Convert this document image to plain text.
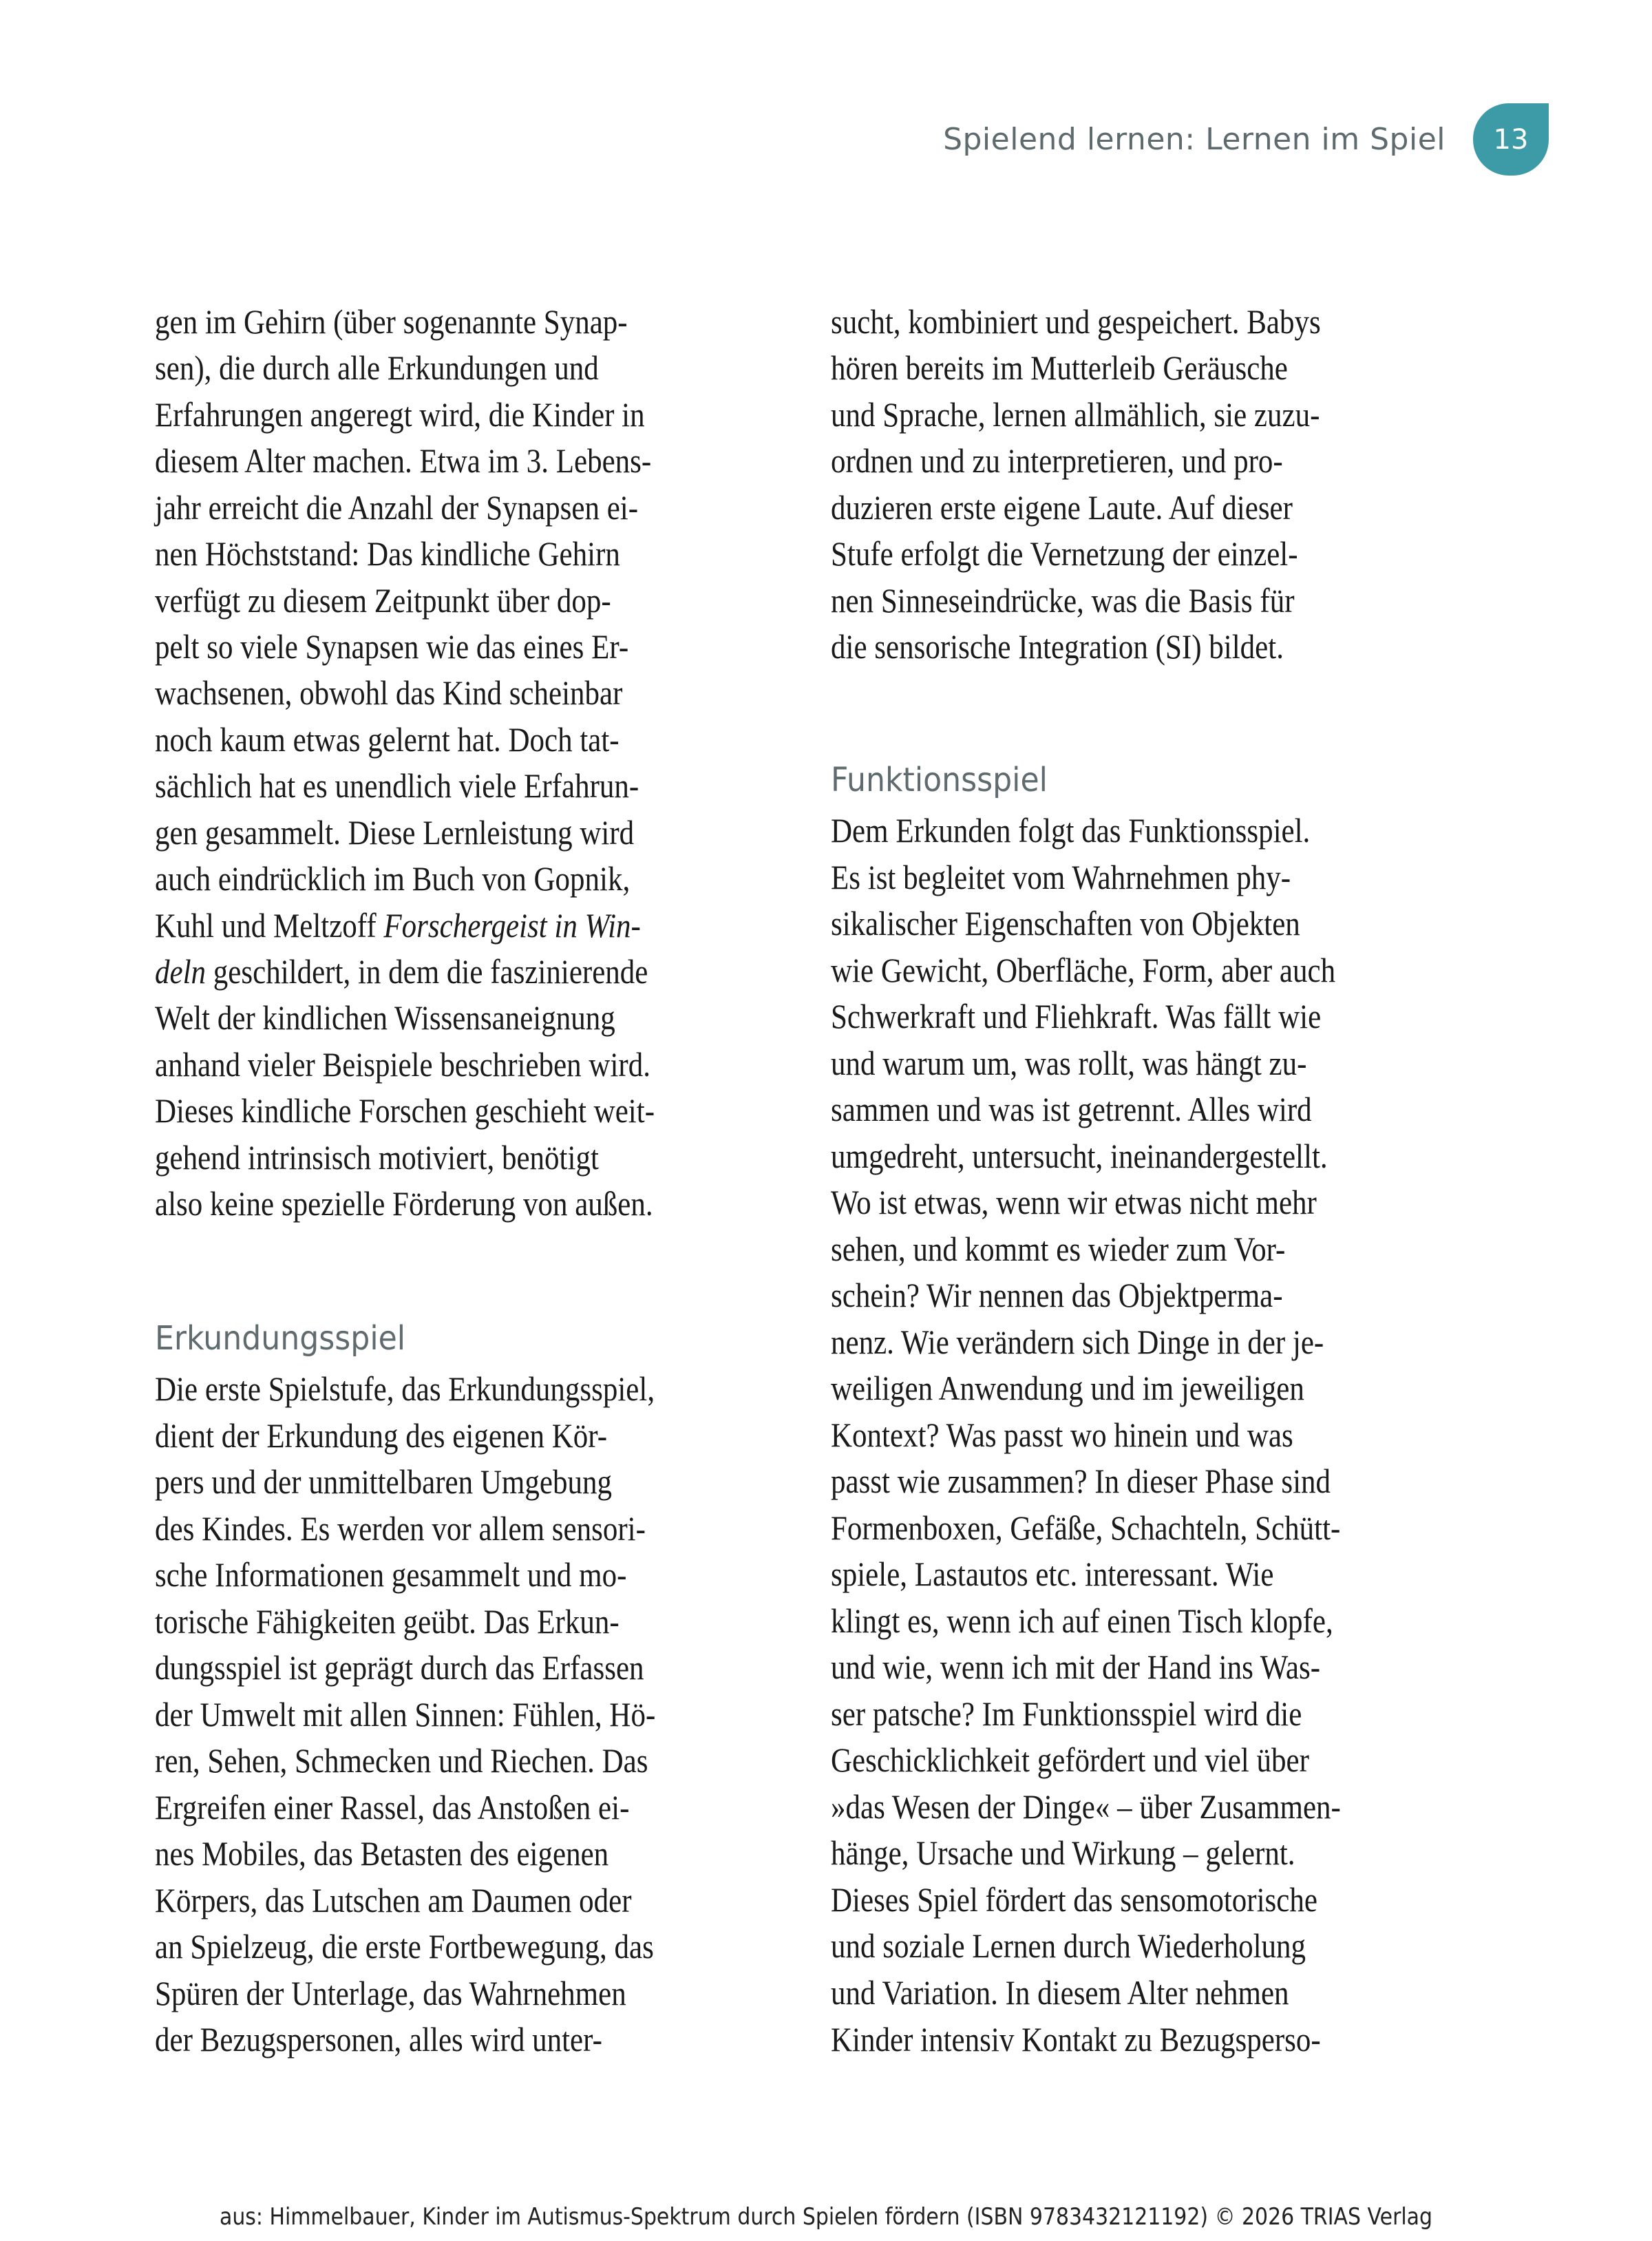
Spielend lernen: Lernen im Spiel 13
gen im Gehirn (über sogenannte Synap-
sen), die durch alle Erkundungen und
Erfahrungen angeregt wird, die Kinder in
diesem Alter machen. Etwa im 3. Lebens-
jahr erreicht die Anzahl der Synapsen ei-
nen Höchststand: Das kindliche Gehirn
verfügt zu diesem Zeitpunkt über dop-
pelt so viele Synapsen wie das eines Er-
wachsenen, obwohl das Kind scheinbar
noch kaum etwas gelernt hat. Doch tat-
sächlich hat es unendlich viele Erfahrun-
gen gesammelt. Diese Lernleistung wird
auch eindrücklich im Buch von Gopnik,
Kuhl und Meltzoff Forschergeist in Win-
deln geschildert, in dem die faszinierende
Welt der kindlichen Wissensaneignung
anhand vieler Beispiele beschrieben wird.
Dieses kindliche Forschen geschieht weit-
gehend intrinsisch motiviert, benötigt
also keine spezielle Förderung von außen.
Erkundungsspiel
Die erste Spielstufe, das Erkundungsspiel,
dient der Erkundung des eigenen Kör-
pers und der unmittelbaren Umgebung
des Kindes. Es werden vor allem sensori-
sche Informationen gesammelt und mo-
torische Fähigkeiten geübt. Das Erkun-
dungsspiel ist geprägt durch das Erfassen
der Umwelt mit allen Sinnen: Fühlen, Hö-
ren, Sehen, Schmecken und Riechen. Das
Ergreifen einer Rassel, das Anstoßen ei-
nes Mobiles, das Betasten des eigenen
Körpers, das Lutschen am Daumen oder
an Spielzeug, die erste Fortbewegung, das
Spüren der Unterlage, das Wahrnehmen
der Bezugspersonen, alles wird unter-
sucht, kombiniert und gespeichert. Babys
hören bereits im Mutterleib Geräusche
und Sprache, lernen allmählich, sie zuzu-
ordnen und zu interpretieren, und pro-
duzieren erste eigene Laute. Auf dieser
Stufe erfolgt die Vernetzung der einzel-
nen Sinneseindrücke, was die Basis für
die sensorische Integration (SI) bildet.
Funktionsspiel
Dem Erkunden folgt das Funktionsspiel.
Es ist begleitet vom Wahrnehmen phy-
sikalischer Eigenschaften von Objekten
wie Gewicht, Oberfläche, Form, aber auch
Schwerkraft und Fliehkraft. Was fällt wie
und warum um, was rollt, was hängt zu-
sammen und was ist getrennt. Alles wird
umgedreht, untersucht, ineinandergestellt.
Wo ist etwas, wenn wir etwas nicht mehr
sehen, und kommt es wieder zum Vor-
schein? Wir nennen das Objektperma-
nenz. Wie verändern sich Dinge in der je-
weiligen Anwendung und im jeweiligen
Kontext? Was passt wo hinein und was
passt wie zusammen? In dieser Phase sind
Formenboxen, Gefäße, Schachteln, Schütt-
spiele, Lastautos etc. interessant. Wie
klingt es, wenn ich auf einen Tisch klopfe,
und wie, wenn ich mit der Hand ins Was-
ser patsche? Im Funktionsspiel wird die
Geschicklichkeit gefördert und viel über
»das Wesen der Dinge« – über Zusammen-
hänge, Ursache und Wirkung – gelernt.
Dieses Spiel fördert das sensomotorische
und soziale Lernen durch Wiederholung
und Variation. In diesem Alter nehmen
Kinder intensiv Kontakt zu Bezugsperso-
aus: Himmelbauer, Kinder im Autismus-Spektrum durch Spielen fördern (ISBN 9783432121192) © 2026 TRIAS Verlag
